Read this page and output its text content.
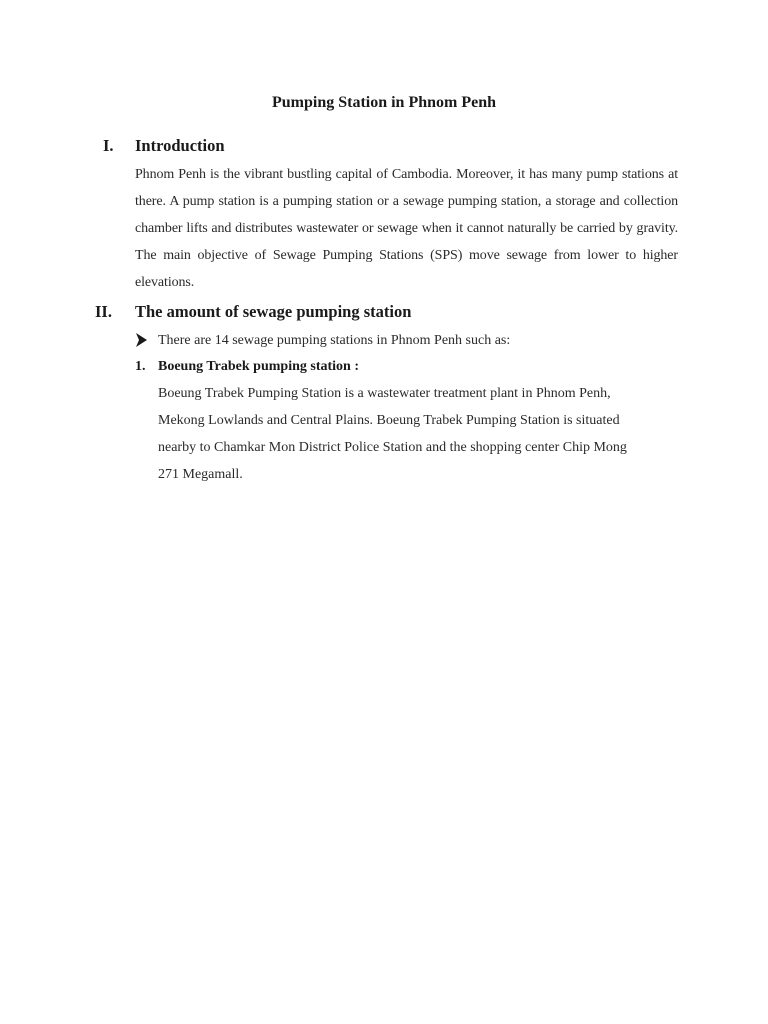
Pumping Station in Phnom Penh
I. Introduction
Phnom Penh is the vibrant bustling capital of Cambodia. Moreover, it has many pump stations at there. A pump station is a pumping station or a sewage pumping station, a storage and collection chamber lifts and distributes wastewater or sewage when it cannot naturally be carried by gravity. The main objective of Sewage Pumping Stations (SPS) move sewage from lower to higher elevations.
II. The amount of sewage pumping station
There are 14 sewage pumping stations in Phnom Penh such as:
1. Boeung Trabek pumping station :
Boeung Trabek Pumping Station is a wastewater treatment plant in Phnom Penh,
Mekong Lowlands and Central Plains. Boeung Trabek Pumping Station is situated
nearby to Chamkar Mon District Police Station and the shopping center Chip Mong
271 Megamall.
